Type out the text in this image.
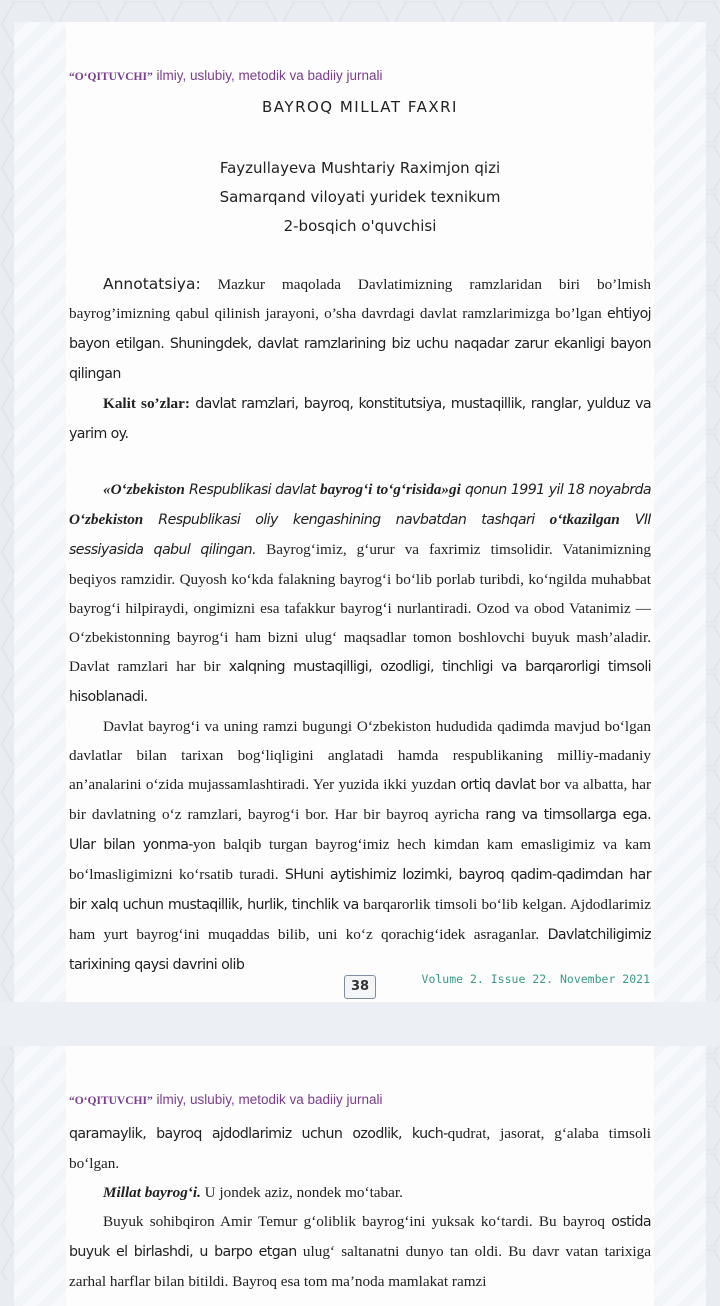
“O‘QITUVCHI” ilmiy, uslubiy, metodik va badiiy jurnali
BAYROQ MILLAT FAXRI
Fayzullayeva Mushtariy Raximjon qizi
Samarqand viloyati yuridek texnikum
2-bosqich o'quvchisi

Annotatsiya: Mazkur maqolada Davlatimizning ramzlaridan biri bo’lmish bayrog’imizning qabul qilinish jarayoni, o’sha davrdagi davlat ramzlarimizga bo’lgan ehtiyoj bayon etilgan. Shuningdek, davlat ramzlarining biz uchu naqadar zarur ekanligi bayon qilingan

Kalit so’zlar: davlat ramzlari, bayroq, konstitutsiya, mustaqillik, ranglar, yulduz va yarim oy.

«O‘zbekiston Respublikasi davlat bayrog‘i to‘g‘risida»gi qonun 1991 yil 18 noyabrda O‘zbekiston Respublikasi oliy kengashining navbatdan tashqari o‘tkazilgan VII sessiyasida qabul qilingan. Bayrog‘imiz, g‘urur va faxrimiz timsolidir. Vatanimizning beqiyos ramzidir. Quyosh ko‘kda falakning bayrog‘i bo‘lib porlab turibdi, ko‘ngilda muhabbat bayrog‘i hilpiraydi, ongimizni esa tafakkur bayrog‘i nurlantiradi. Ozod va obod Vatanimiz — O‘zbekistonning bayrog‘i ham bizni ulug‘ maqsadlar tomon boshlovchi buyuk mash’aladir. Davlat ramzlari har bir xalqning mustaqilligi, ozodligi, tinchligi va barqarorligi timsoli hisoblanadi.

Davlat bayrog‘i va uning ramzi bugungi O‘zbekiston hududida qadimda mavjud bo‘lgan davlatlar bilan tarixan bog‘liqligini anglatadi hamda respublikaning milliy-madaniy an’analarini o‘zida mujassamlashtiradi. Yer yuzida ikki yuzdan ortiq davlat bor va albatta, har bir davlatning o‘z ramzlari, bayrog‘i bor. Har bir bayroq ayricha rang va timsollarga ega. Ular bilan yonma-yon balqib turgan bayrog‘imiz hech kimdan kam emasligimiz va kam bo‘lmasligimizni ko‘rsatib turadi. SHuni aytishimiz lozimki, bayroq qadim-qadimdan har bir xalq uchun mustaqillik, hurlik, tinchlik va barqarorlik timsoli bo‘lib kelgan. Ajdodlarimiz ham yurt bayrog‘ini muqaddas bilib, uni ko‘z qorachig‘idek asraganlar. Davlatchiligimiz tarixining qaysi davrini olib

38	Volume 2. Issue 22. November 2021
“O‘QITUVCHI” ilmiy, uslubiy, metodik va badiiy jurnali

qaramaylik, bayroq ajdodlarimiz uchun ozodlik, kuch-qudrat, jasorat, g‘alaba timsoli bo‘lgan.

Millat bayrog‘i. U jondek aziz, nondek mo‘tabar.

Buyuk sohibqiron Amir Temur g‘oliblik bayrog‘ini yuksak ko‘tardi. Bu bayroq ostida buyuk el birlashdi, u barpo etgan ulug‘ saltanatni dunyo tan oldi. Bu davr vatan tarixiga zarhal harflar bilan bitildi. Bayroq esa tom ma’noda mamlakat ramzi
